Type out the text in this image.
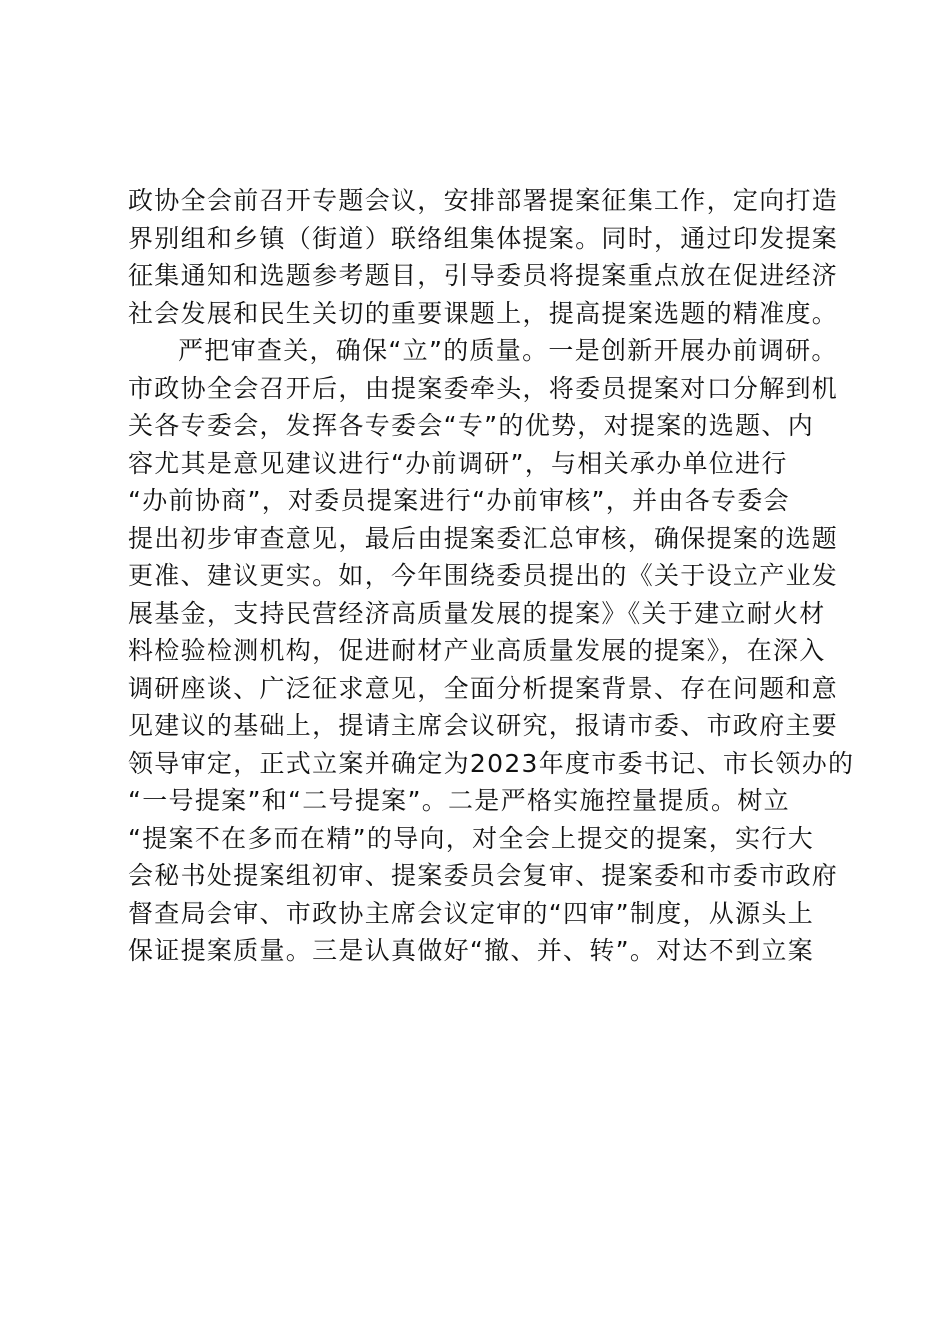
政协全会前召开专题会议，安排部署提案征集工作，定向打造
界别组和乡镇（街道）联络组集体提案。同时，通过印发提案
征集通知和选题参考题目，引导委员将提案重点放在促进经济
社会发展和民生关切的重要课题上，提高提案选题的精准度。
严把审查关，确保“立”的质量。一是创新开展办前调研。
市政协全会召开后，由提案委牵头，将委员提案对口分解到机
关各专委会，发挥各专委会“专”的优势，对提案的选题、内
容尤其是意见建议进行“办前调研”，与相关承办单位进行
“办前协商”，对委员提案进行“办前审核”，并由各专委会
提出初步审查意见，最后由提案委汇总审核，确保提案的选题
更准、建议更实。如，今年围绕委员提出的《关于设立产业发
展基金，支持民营经济高质量发展的提案》《关于建立耐火材
料检验检测机构，促进耐材产业高质量发展的提案》，在深入
调研座谈、广泛征求意见，全面分析提案背景、存在问题和意
见建议的基础上，提请主席会议研究，报请市委、市政府主要
领导审定，正式立案并确定为2023年度市委书记、市长领办的
“一号提案”和“二号提案”。二是严格实施控量提质。树立
“提案不在多而在精”的导向，对全会上提交的提案，实行大
会秘书处提案组初审、提案委员会复审、提案委和市委市政府
督查局会审、市政协主席会议定审的“四审”制度，从源头上
保证提案质量。三是认真做好“撤、并、转”。对达不到立案
